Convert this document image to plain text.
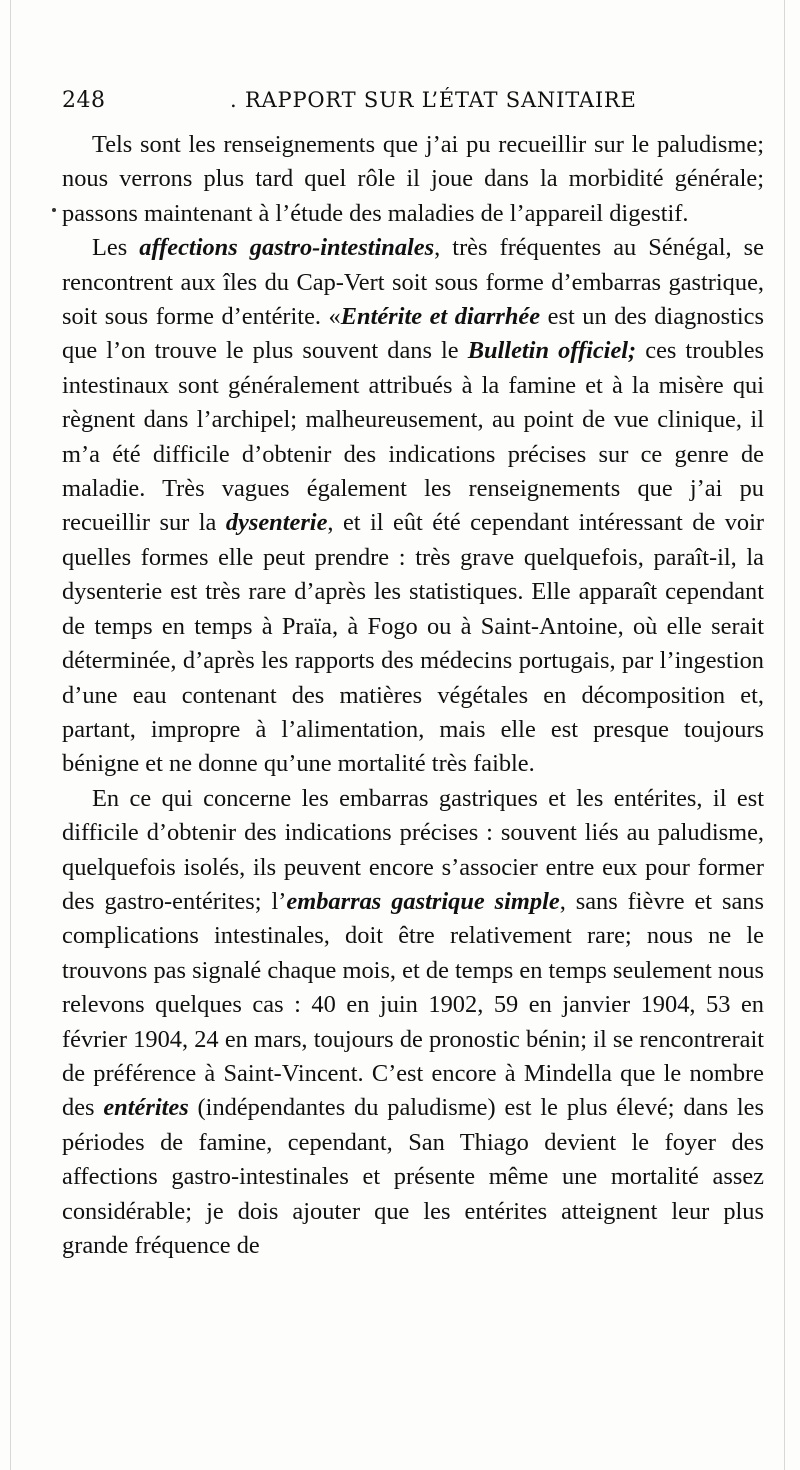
248	. RAPPORT SUR L’ÉTAT SANITAIRE

Tels sont les renseignements que j’ai pu recueillir sur le paludisme; nous verrons plus tard quel rôle il joue dans la morbidité générale; passons maintenant à l’étude des maladies de l’appareil digestif.

Les affections gastro-intestinales, très fréquentes au Sénégal, se rencontrent aux îles du Cap-Vert soit sous forme d’embarras gastrique, soit sous forme d’entérite. «Entérite et diarrhée est un des diagnostics que l’on trouve le plus souvent dans le Bulletin officiel; ces troubles intestinaux sont généralement attribués à la famine et à la misère qui règnent dans l’archipel; malheureusement, au point de vue clinique, il m’a été difficile d’obtenir des indications précises sur ce genre de maladie. Très vagues également les renseignements que j’ai pu recueillir sur la dysenterie, et il eût été cependant intéressant de voir quelles formes elle peut prendre : très grave quelquefois, paraît-il, la dysenterie est très rare d’après les statistiques. Elle apparaît cependant de temps en temps à Praïa, à Fogo ou à Saint-Antoine, où elle serait déterminée, d’après les rapports des médecins portugais, par l’ingestion d’une eau contenant des matières végétales en décomposition et, partant, impropre à l’alimentation, mais elle est presque toujours bénigne et ne donne qu’une mortalité très faible.

En ce qui concerne les embarras gastriques et les entérites, il est difficile d’obtenir des indications précises : souvent liés au paludisme, quelquefois isolés, ils peuvent encore s’associer entre eux pour former des gastro-entérites; l’embarras gastrique simple, sans fièvre et sans complications intestinales, doit être relativement rare; nous ne le trouvons pas signalé chaque mois, et de temps en temps seulement nous relevons quelques cas : 40 en juin 1902, 59 en janvier 1904, 53 en février 1904, 24 en mars, toujours de pronostic bénin; il se rencontrerait de préférence à Saint-Vincent. C’est encore à Mindella que le nombre des entérites (indépendantes du paludisme) est le plus élevé; dans les périodes de famine, cependant, San Thiago devient le foyer des affections gastro-intestinales et présente même une mortalité assez considérable; je dois ajouter que les entérites atteignent leur plus grande fréquence de
